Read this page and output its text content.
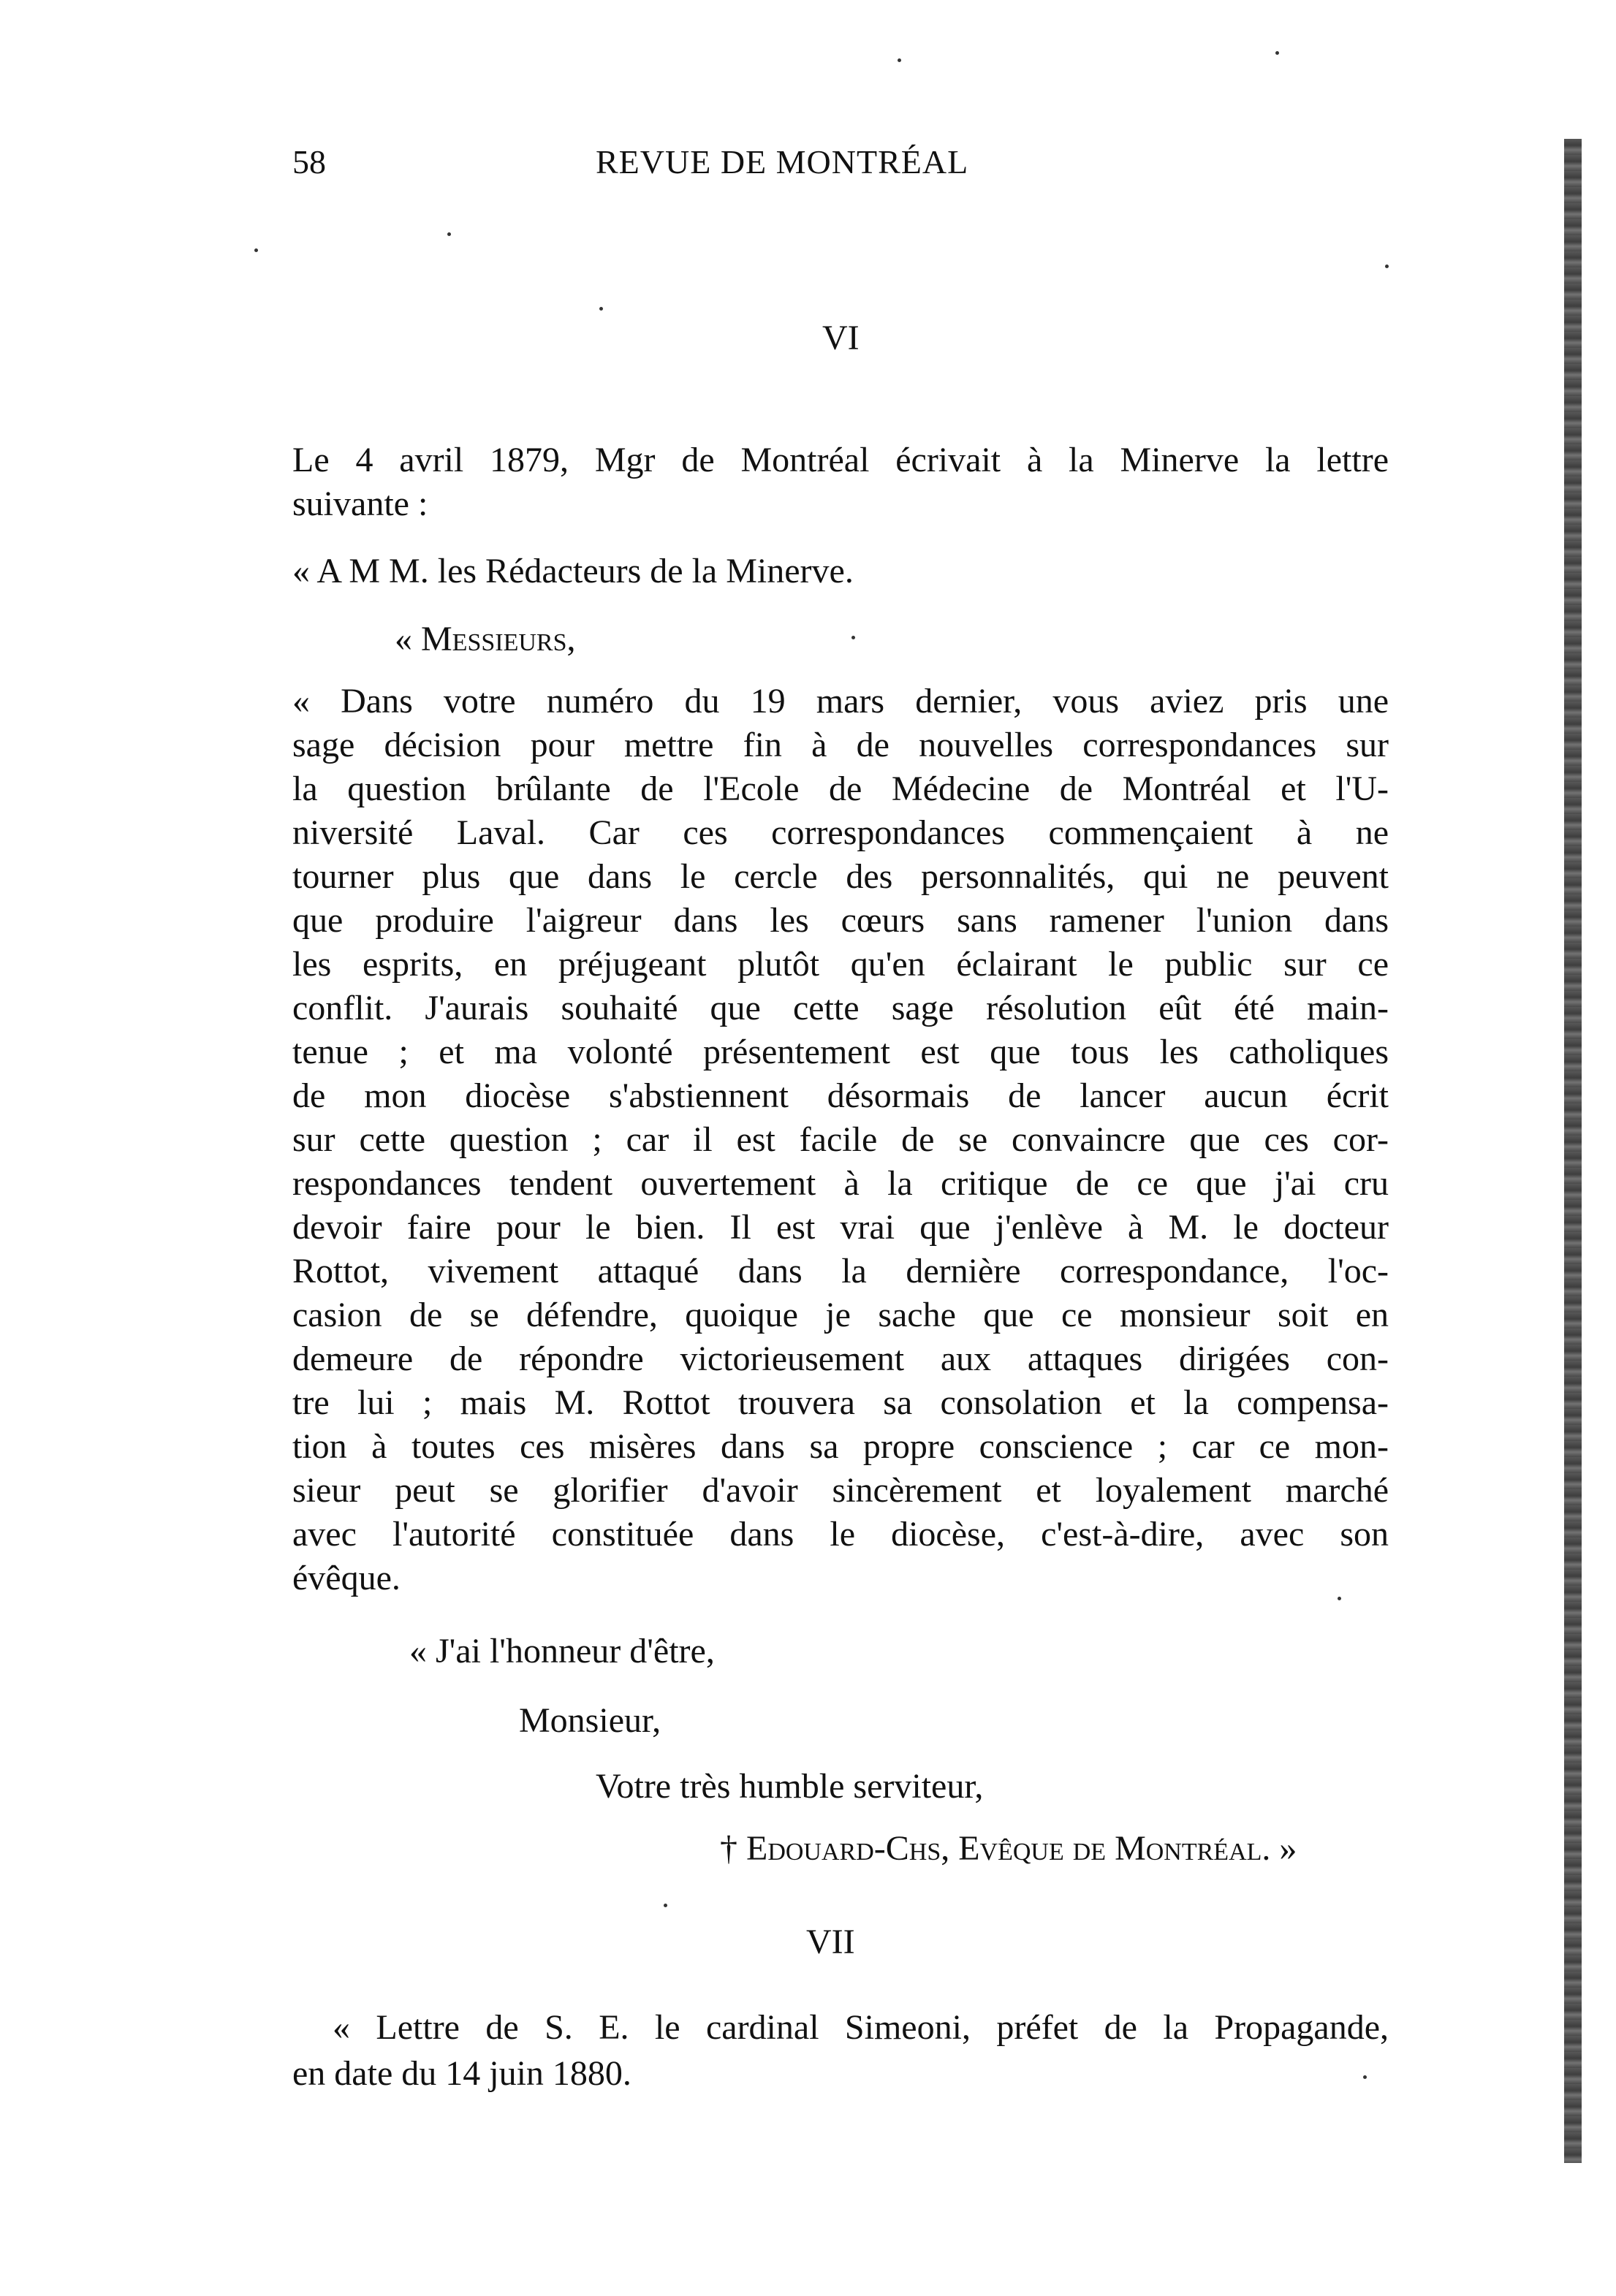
58	REVUE DE MONTRÉAL
VI
Le 4 avril 1879, Mgr de Montréal écrivait à la Minerve la lettre
suivante :
« A M M. les Rédacteurs de la Minerve.
« Messieurs,
« Dans votre numéro du 19 mars dernier, vous aviez pris une
sage décision pour mettre fin à de nouvelles correspondances sur
la question brûlante de l'Ecole de Médecine de Montréal et l'U-
niversité Laval. Car ces correspondances commençaient à ne
tourner plus que dans le cercle des personnalités, qui ne peuvent
que produire l'aigreur dans les cœurs sans ramener l'union dans
les esprits, en préjugeant plutôt qu'en éclairant le public sur ce
conflit. J'aurais souhaité que cette sage résolution eût été main-
tenue ; et ma volonté présentement est que tous les catholiques
de mon diocèse s'abstiennent désormais de lancer aucun écrit
sur cette question ; car il est facile de se convaincre que ces cor-
respondances tendent ouvertement à la critique de ce que j'ai cru
devoir faire pour le bien. Il est vrai que j'enlève à M. le docteur
Rottot, vivement attaqué dans la dernière correspondance, l'oc-
casion de se défendre, quoique je sache que ce monsieur soit en
demeure de répondre victorieusement aux attaques dirigées con-
tre lui ; mais M. Rottot trouvera sa consolation et la compensa-
tion à toutes ces misères dans sa propre conscience ; car ce mon-
sieur peut se glorifier d'avoir sincèrement et loyalement marché
avec l'autorité constituée dans le diocèse, c'est-à-dire, avec son
évêque.
« J'ai l'honneur d'être,
Monsieur,
Votre très humble serviteur,
† Edouard-Chs, Evêque de Montréal. »
VII
« Lettre de S. E. le cardinal Simeoni, préfet de la Propagande,
en date du 14 juin 1880.
